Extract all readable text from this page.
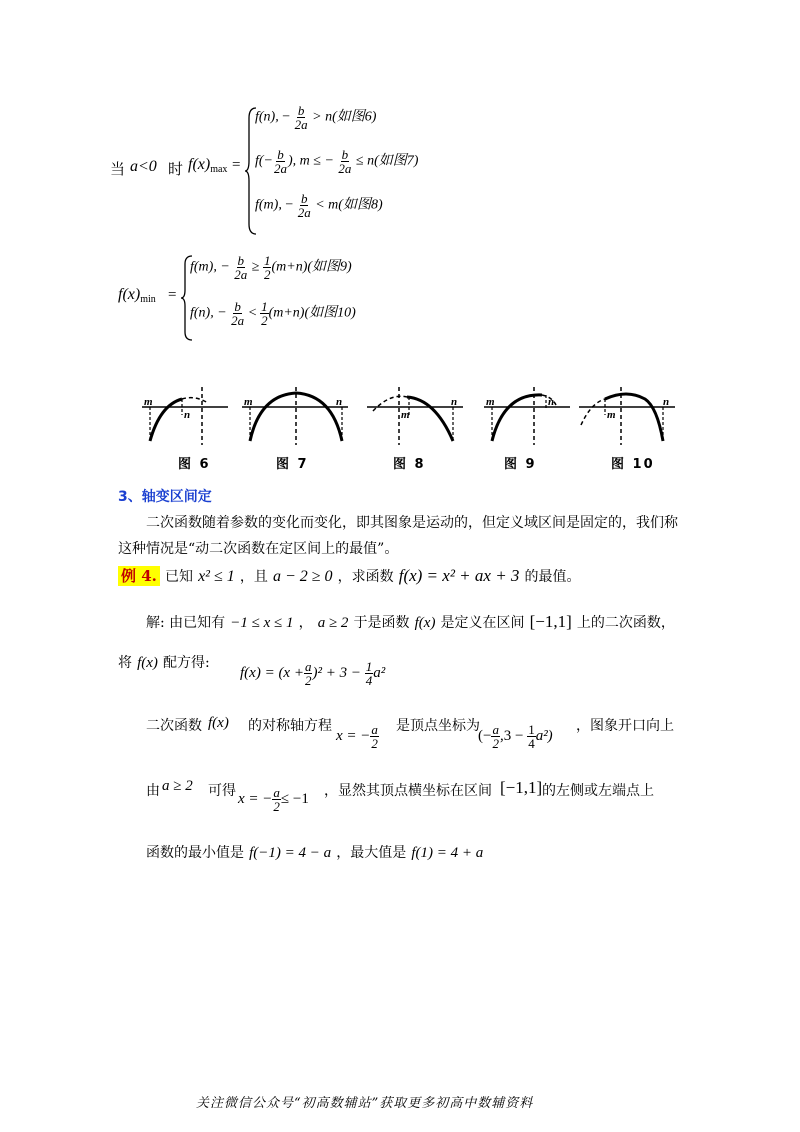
当 a<0 时 $f(x)_{max}$ =
f(n), − $\frac{b}{2a} > n$(如图6)
$f(- \frac{b}{2a}$ ), m ≤ − $\frac{b}{2a} \le n$(如图7)
f(m), − $\frac{b}{2a} < m$(如图8)
$f(x)_{min}$ =
f(m), − $\frac{b}{2a} \ge \frac{1}{2} (m+n)$(如图9)
f(n), − $\frac{b}{2a} < \frac{1}{2} (m+n)$(如图10)
m
n
图 6
m	n
图 7
m
n
图 8
m	n
图 9
m
n
图 10
3、轴变区间定
二次函数随着参数的变化而变化，即其图象是运动的，但定义域区间是固定的，我们称
这种情况是“动二次函数在定区间上的最值”。
例 4. 已知 x² ≤ 1 ，且 a − 2 ≥ 0 ，求函数 f(x) = x² + ax + 3 的最值。
解: 由已知有 −1 ≤ x ≤ 1 ， a ≥ 2 于是函数 f(x) 是定义在区间 [−1,1] 上的二次函数，
将 f(x) 配方得:
$f(x) = (x + \frac{a}{2} )^2 + 3 - \frac{1}{4} a^2$
二次函数 f(x) 的对称轴方程
x = − $\frac{a}{2}$ 是顶点坐标为
(− $\frac{a}{2} ,3 - \frac{1}{4} a^2$)
，图象开口向上
由 a ≥ 2 可得 x = − $\frac{a}{2} \le -1$ ，显然其顶点横坐标在区间 [−1,1] 的左侧或左端点上
函数的最小值是 f(−1) = 4 − a ，最大值是 f(1) = 4 + a
关注微信公众号“初高数辅站”获取更多初高中数辅资料
